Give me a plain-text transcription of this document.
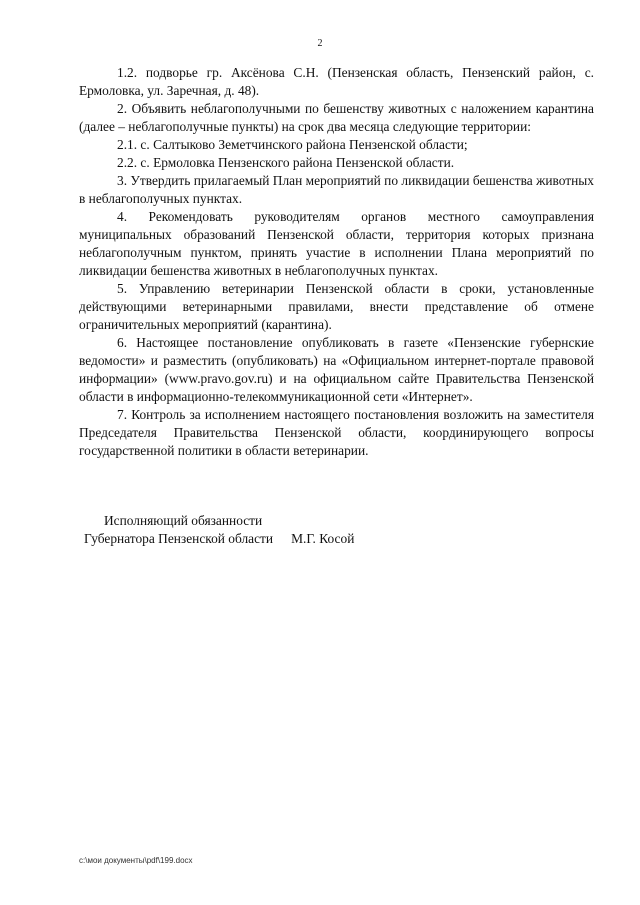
2

1.2. подворье гр. Аксёнова С.Н. (Пензенская область, Пензенский район, с. Ермоловка, ул. Заречная, д. 48).

2. Объявить неблагополучными по бешенству животных с наложением карантина (далее – неблагополучные пункты) на срок два месяца следующие территории:

2.1. с. Салтыково Земетчинского района Пензенской области;

2.2. с. Ермоловка Пензенского района Пензенской области.

3. Утвердить прилагаемый План мероприятий по ликвидации бешенства животных в неблагополучных пунктах.

4. Рекомендовать руководителям органов местного самоуправления муниципальных образований Пензенской области, территория которых признана неблагополучным пунктом, принять участие в исполнении Плана мероприятий по ликвидации бешенства животных в неблагополучных пунктах.

5. Управлению ветеринарии Пензенской области в сроки, установленные действующими ветеринарными правилами, внести представление об отмене ограничительных мероприятий (карантина).

6. Настоящее постановление опубликовать в газете «Пензенские губернские ведомости» и разместить (опубликовать) на «Официальном интернет-портале правовой информации» (www.pravo.gov.ru) и на официальном сайте Правительства Пензенской области в информационно-телекоммуникационной сети «Интернет».

7. Контроль за исполнением настоящего постановления возложить на заместителя Председателя Правительства Пензенской области, координирующего вопросы государственной политики в области ветеринарии.

Исполняющий обязанности
Губернатора Пензенской области М.Г. Косой
c:\мои документы\pdf\199.docx
